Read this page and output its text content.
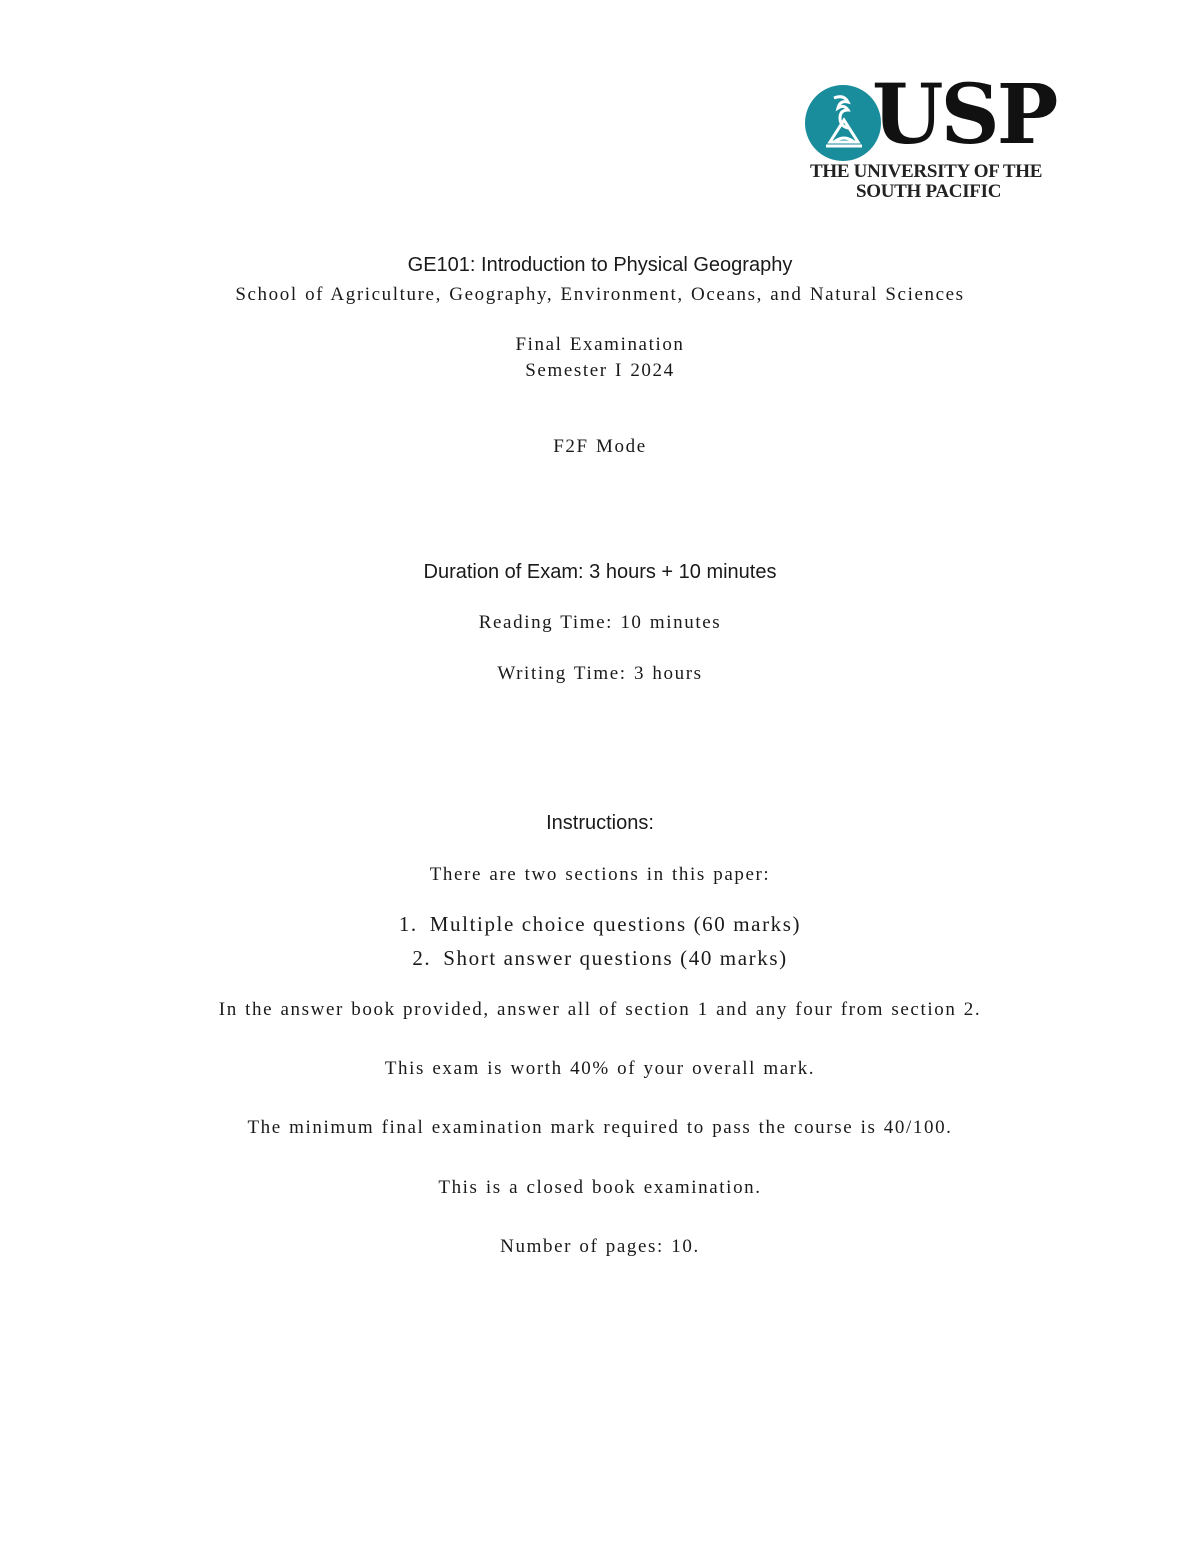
USP
THE UNIVERSITY OF THE
SOUTH PACIFIC
GE101: Introduction to Physical Geography
School of Agriculture, Geography, Environment, Oceans, and Natural Sciences
Final Examination
Semester I 2024
F2F Mode
Duration of Exam: 3 hours + 10 minutes
Reading Time: 10 minutes
Writing Time: 3 hours
Instructions:
There are two sections in this paper:
1. Multiple choice questions (60 marks)
2. Short answer questions (40 marks)
In the answer book provided, answer all of section 1 and any four from section 2.
This exam is worth 40% of your overall mark.
The minimum final examination mark required to pass the course is 40/100.
This is a closed book examination.
Number of pages: 10.
